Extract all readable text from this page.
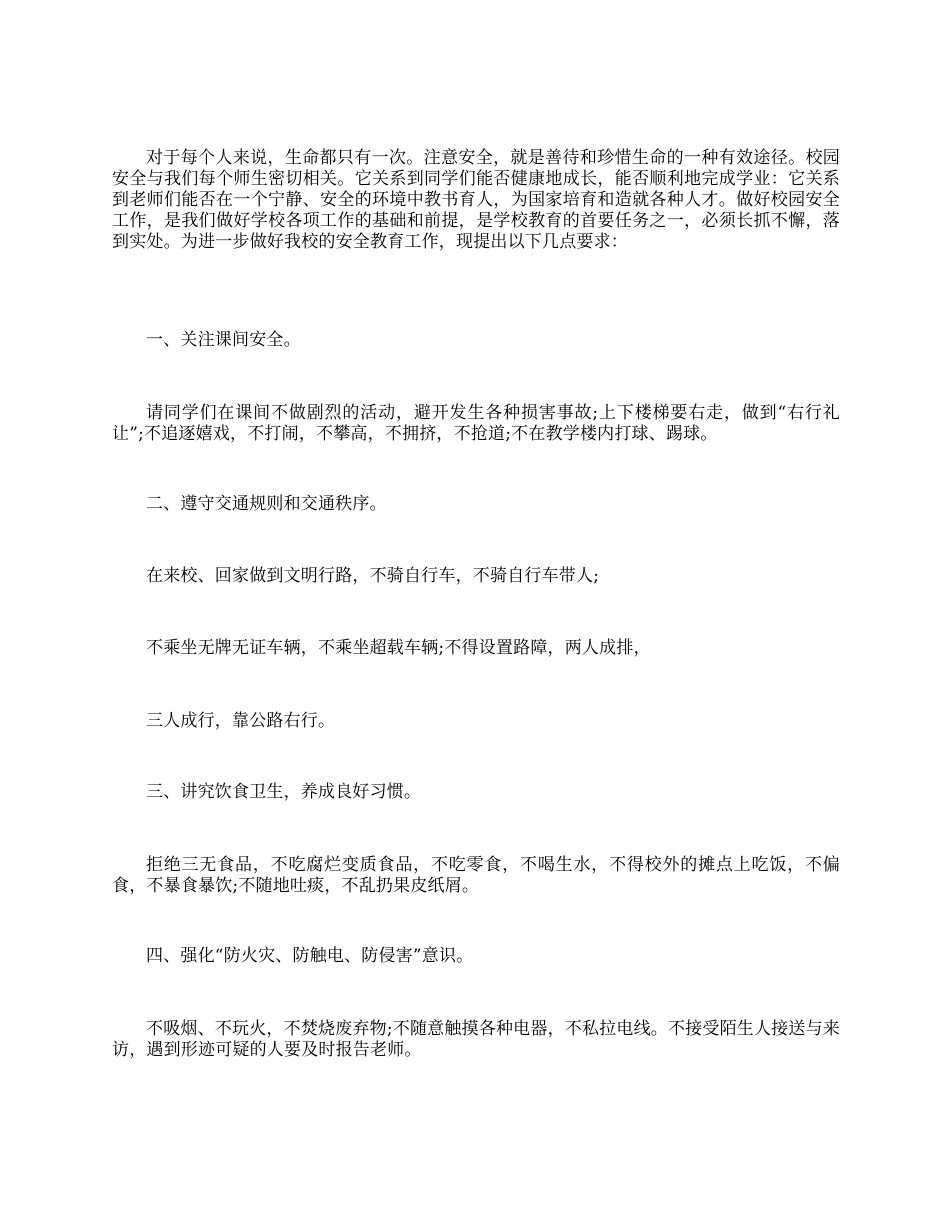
对于每个人来说，生命都只有一次。注意安全，就是善待和珍惜生命的一种有效途径。校园安全与我们每个师生密切相关。它关系到同学们能否健康地成长，能否顺利地完成学业：它关系到老师们能否在一个宁静、安全的环境中教书育人，为国家培育和造就各种人才。做好校园安全工作，是我们做好学校各项工作的基础和前提，是学校教育的首要任务之一，必须长抓不懈，落到实处。为进一步做好我校的安全教育工作，现提出以下几点要求：

一、关注课间安全。

请同学们在课间不做剧烈的活动，避开发生各种损害事故;上下楼梯要右走，做到“右行礼让”;不追逐嬉戏，不打闹，不攀高，不拥挤，不抢道;不在教学楼内打球、踢球。

二、遵守交通规则和交通秩序。

在来校、回家做到文明行路，不骑自行车，不骑自行车带人;

不乘坐无牌无证车辆，不乘坐超载车辆;不得设置路障，两人成排，

三人成行，靠公路右行。

三、讲究饮食卫生，养成良好习惯。

拒绝三无食品，不吃腐烂变质食品，不吃零食，不喝生水，不得校外的摊点上吃饭，不偏食，不暴食暴饮;不随地吐痰，不乱扔果皮纸屑。

四、强化“防火灾、防触电、防侵害”意识。

不吸烟、不玩火，不焚烧废弃物;不随意触摸各种电器，不私拉电线。不接受陌生人接送与来访，遇到形迹可疑的人要及时报告老师。
